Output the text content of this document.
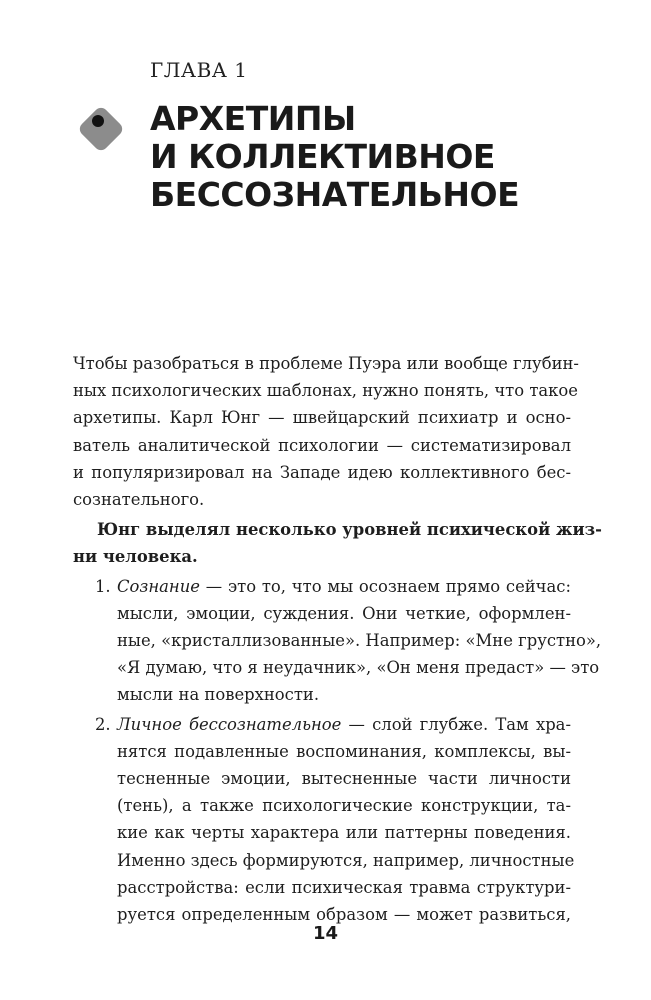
ГЛАВА 1
АРХЕТИПЫ
И КОЛЛЕКТИВНОЕ
БЕССОЗНАТЕЛЬНОЕ

Чтобы разобраться в проблеме Пуэра или вообще глубин-
ных психологических шаблонах, нужно понять, что такое
архетипы. Карл Юнг — швейцарский психиатр и осно-
ватель аналитической психологии — систематизировал
и популяризировал на Западе идею коллективного бес-
сознательного.

Юнг выделял несколько уровней психической жиз-
ни человека.

1. Сознание — это то, что мы осознаем прямо сейчас:
мысли, эмоции, суждения. Они четкие, оформлен-
ные, «кристаллизованные». Например: «Мне грустно»,
«Я думаю, что я неудачник», «Он меня предаст» — это
мысли на поверхности.
2. Личное бессознательное — слой глубже. Там хра-
нятся подавленные воспоминания, комплексы, вы-
тесненные эмоции, вытесненные части личности
(тень), а также психологические конструкции, та-
кие как черты характера или паттерны поведения.
Именно здесь формируются, например, личностные
расстройства: если психическая травма структури-
руется определенным образом — может развиться,
14
